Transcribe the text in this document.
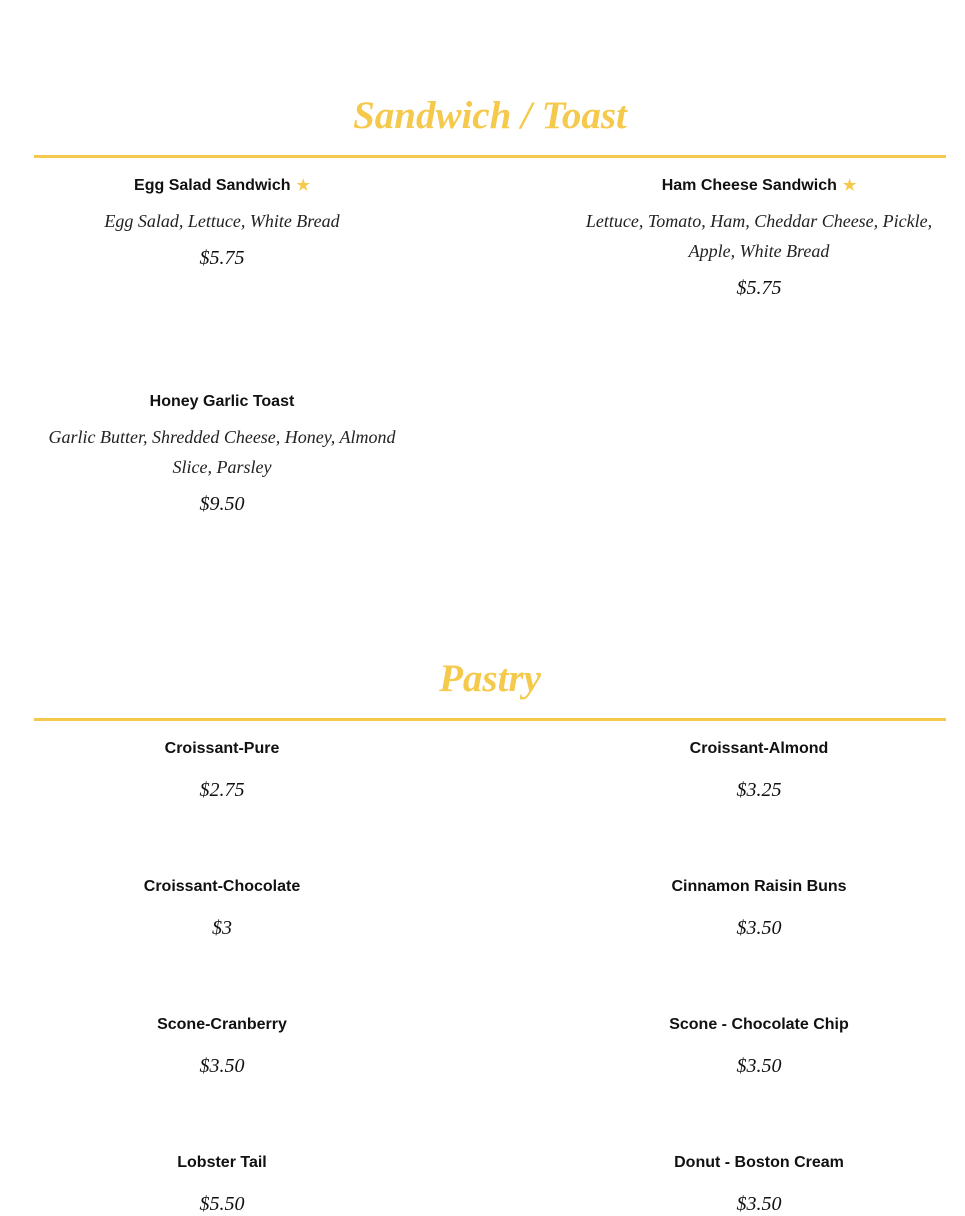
Sandwich / Toast
Egg Salad Sandwich ★
Egg Salad, Lettuce, White Bread
$5.75
Ham Cheese Sandwich ★
Lettuce, Tomato, Ham, Cheddar Cheese, Pickle, Apple, White Bread
$5.75
Honey Garlic Toast
Garlic Butter, Shredded Cheese, Honey, Almond Slice, Parsley
$9.50
Pastry
Croissant-Pure
$2.75
Croissant-Almond
$3.25
Croissant-Chocolate
$3
Cinnamon Raisin Buns
$3.50
Scone-Cranberry
$3.50
Scone - Chocolate Chip
$3.50
Lobster Tail
$5.50
Donut - Boston Cream
$3.50
